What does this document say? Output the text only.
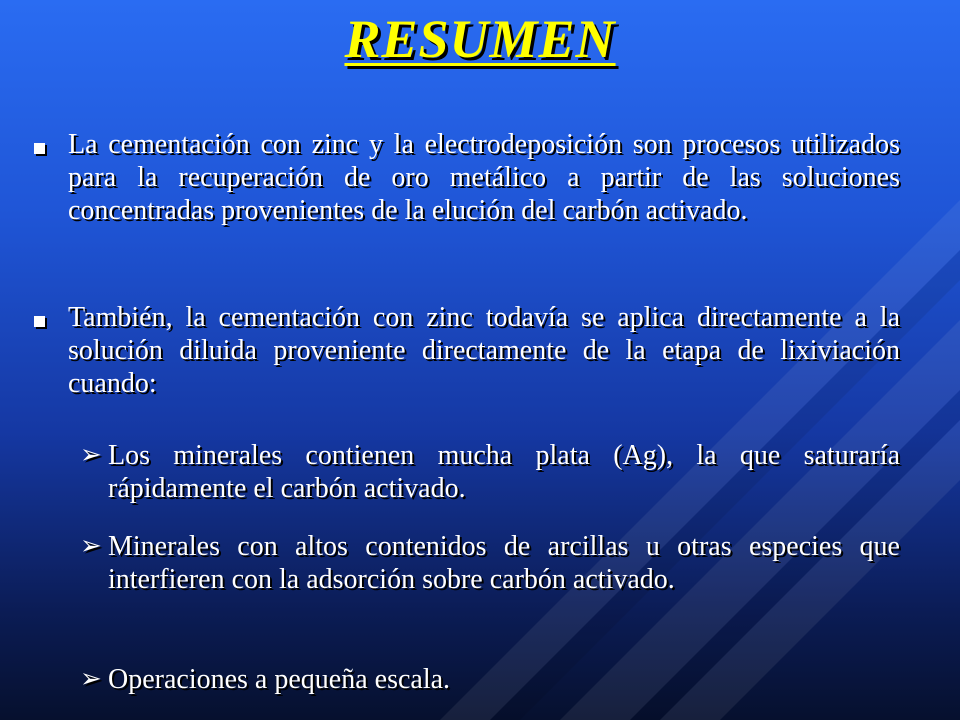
RESUMEN

La cementación con zinc y la electrodeposición son procesos utilizados para la recuperación de oro metálico a partir de las soluciones concentradas provenientes de la elución del carbón activado.

También, la cementación con zinc todavía se aplica directamente a la solución diluida proveniente directamente de la etapa de lixiviación cuando:

➢ Los minerales contienen mucha plata (Ag), la que saturaría rápidamente el carbón activado.

➢ Minerales con altos contenidos de arcillas u otras especies que interfieren con la adsorción sobre carbón activado.

➢ Operaciones a pequeña escala.
